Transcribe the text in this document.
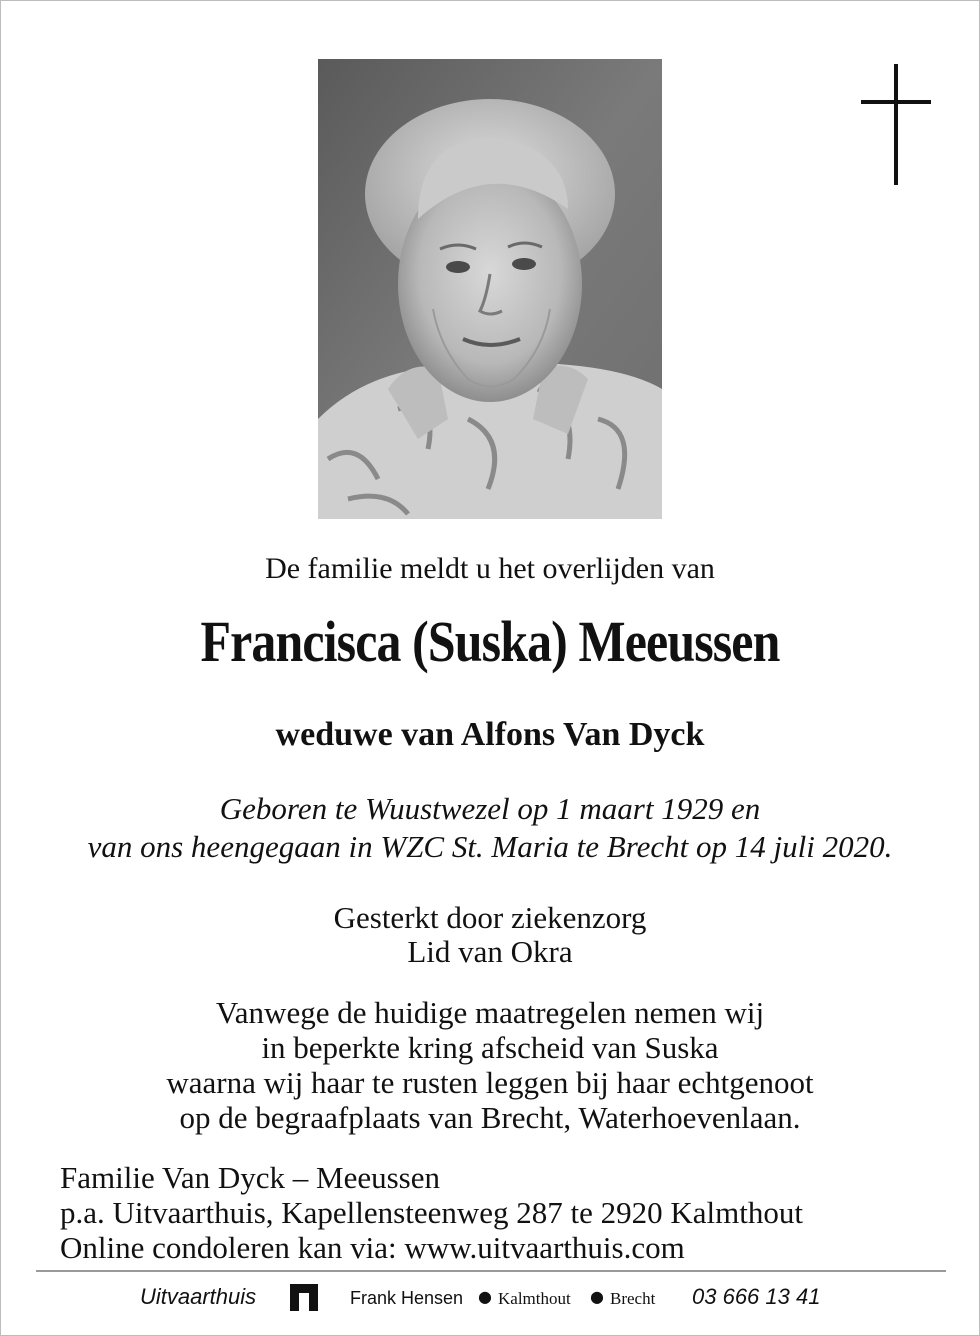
De familie meldt u het overlijden van
Francisca (Suska) Meeussen
weduwe van Alfons Van Dyck
Geboren te Wuustwezel op 1 maart 1929 en
van ons heengegaan in WZC St. Maria te Brecht op 14 juli 2020.
Gesterkt door ziekenzorg
Lid van Okra
Vanwege de huidige maatregelen nemen wij
in beperkte kring afscheid van Suska
waarna wij haar te rusten leggen bij haar echtgenoot
op de begraafplaats van Brecht, Waterhoevenlaan.
Familie Van Dyck – Meeussen
p.a. Uitvaarthuis, Kapellensteenweg 287 te 2920 Kalmthout
Online condoleren kan via: www.uitvaarthuis.com
Uitvaarthuis	Frank Hensen ● Kalmthout ● Brecht 03 666 13 41
